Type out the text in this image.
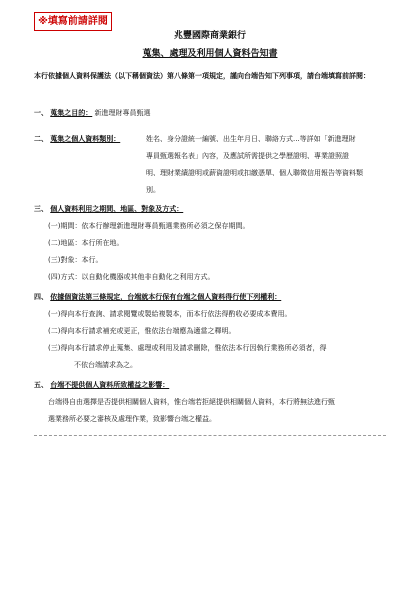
※填寫前請詳閱
兆豐國際商業銀行
蒐集、處理及利用個人資料告知書
本行依據個人資料保護法（以下稱個資法）第八條第一項規定，謹向台端告知下列事項，請台端填寫前詳閱：
一、 蒐集之目的： 新進理財專員甄選
二、 蒐集之個人資料類別：	姓名、身分證統一編號、出生年月日、聯絡方式...等詳如「新進理財
專員甄選報名表」內容，及應試所需提供之學歷證明、專業證照證
明、理財業績證明或薪資證明或扣繳憑單、個人聯徵信用報告等資料類
別。
三、 個人資料利用之期間、地區、對象及方式：
(一)期間：依本行辦理新進理財專員甄選業務所必須之保存期間。
(二)地區：本行所在地。
(三)對象：本行。
(四)方式：以自動化機器或其他非自動化之利用方式。
四、 依據個資法第三條規定，台端就本行保有台端之個人資料得行使下列權利：
(一)得向本行查詢、請求閱覽或製給複製本，而本行依法得酌收必要成本費用。
(二)得向本行請求補充或更正，惟依法台端應為適當之釋明。
(三)得向本行請求停止蒐集、處理或利用及請求刪除，惟依法本行因執行業務所必須者，得
不依台端請求為之。
五、 台端不提供個人資料所致權益之影響：
台端得自由選擇是否提供相關個人資料，惟台端若拒絕提供相關個人資料，本行將無法進行甄
選業務所必要之審核及處理作業，致影響台端之權益。
